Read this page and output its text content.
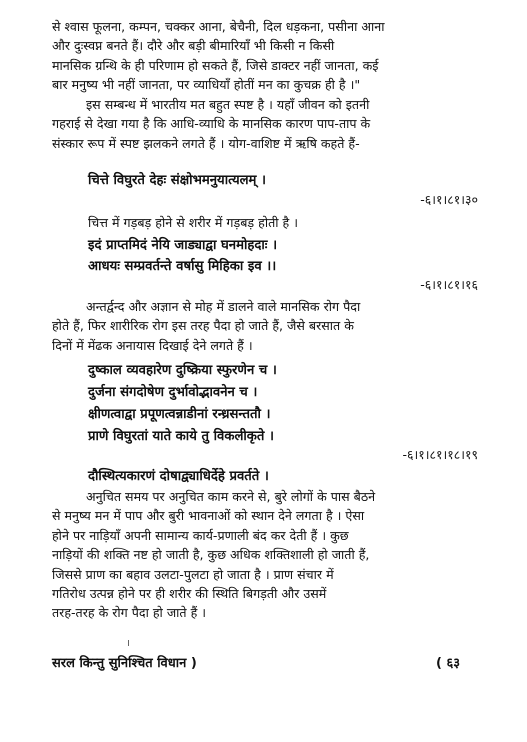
से श्वास फूलना, कम्पन, चक्कर आना, बेचैनी, दिल धड़कना, पसीना आना
और दुःस्वप्न बनते हैं। दौरे और बड़ी बीमारियाँ भी किसी न किसी
मानसिक ग्रन्थि के ही परिणाम हो सकते हैं, जिसे डाक्टर नहीं जानता, कई
बार मनुष्य भी नहीं जानता, पर व्याधियाँ होतीं मन का कुचक्र ही है ।"

इस सम्बन्ध में भारतीय मत बहुत स्पष्ट है । यहाँ जीवन को इतनी
गहराई से देखा गया है कि आधि-व्याधि के मानसिक कारण पाप-ताप के
संस्कार रूप में स्पष्ट झलकने लगते हैं । योग-वाशिष्ट में ऋषि कहते हैं-

चित्ते विघुरते देहः संक्षोभमनुयात्यलम् ।
-६।१।८१।३०
चित्त में गड़बड़ होने से शरीर में गड़बड़ होती है ।
इदं प्राप्तमिदं नेयि जाड्याद्वा घनमोहदाः ।
आधयः सम्प्रवर्तन्ते वर्षासु मिहिका इव ।।
-६।१।८१।१६

अन्तर्द्वन्द और अज्ञान से मोह में डालने वाले मानसिक रोग पैदा
होते हैं, फिर शारीरिक रोग इस तरह पैदा हो जाते हैं, जैसे बरसात के
दिनों में मेंढक अनायास दिखाई देने लगते हैं ।

दुष्काल व्यवहारेण दुष्क्रिया स्फुरणेन च ।
दुर्जना संगदोषेण दुर्भावोद्भावनेन च ।
क्षीणत्वाद्वा प्रपूणत्वन्नाडीनां रन्ध्रसन्ततौ ।
प्राणे विघुरतां याते काये तु विकलीकृते ।
-६।१।८१।१८।१९
दौस्थित्यकारणं दोषाद्व्याधिर्देहे प्रवर्तते ।

अनुचित समय पर अनुचित काम करने से, बुरे लोगों के पास बैठने
से मनुष्य मन में पाप और बुरी भावनाओं को स्थान देने लगता है । ऐसा
होने पर नाड़ियाँ अपनी सामान्य कार्य-प्रणाली बंद कर देती हैं । कुछ
नाड़ियों की शक्ति नष्ट हो जाती है, कुछ अधिक शक्तिशाली हो जाती हैं,
जिससे प्राण का बहाव उलटा-पुलटा हो जाता है । प्राण संचार में
गतिरोध उत्पन्न होने पर ही शरीर की स्थिति बिगड़ती और उसमें
तरह-तरह के रोग पैदा हो जाते हैं ।

सरल किन्तु सुनिश्चित विधान )	( ६३
